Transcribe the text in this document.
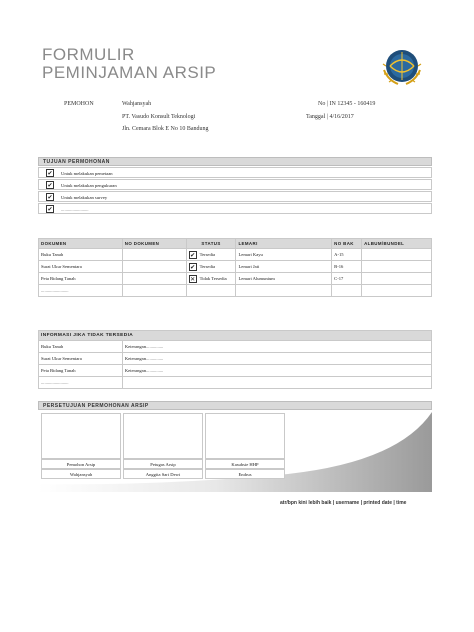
FORMULIR
PEMINJAMAN ARSIP
PEMOHON	Wahjansyah
PT. Vasudo Konsult Teknologi
Jln. Cemara Blok E No 10 Bandung
No | IN 12345 - 160419
Tanggal | 4/16/2017
TUJUAN PERMOHONAN
✔	Untuk melakukan pemetaan
✔	Untuk melakukan pengukuran
✔	Untuk melakukan survey
✔	........................
DOKUMEN	NO DOKUMEN	STATUS	LEMARI	NO BAK	ALBUM/BUNDEL
Buku Tanah		✔ Tersedia	Lemari Kayu	A-15	
Surat Ukur Sementara		✔ Tersedia	Lemari Jati	B-16	
Peta Bidang Tanah		✕ Tidak Tersedia	Lemari Alumunium	C-17	
........................					
INFORMASI JIKA TIDAK TERSEDIA	
Buku Tanah	Keterangan...............
Surat Ukur Sementara	Keterangan...............
Peta Bidang Tanah	Keterangan...............
........................	
PERSETUJUAN PERMOHONAN ARSIP
Pemohon Arsip	Petugas Arsip	Kasubsie HHP
Wahjansyah	Anggita Sari Dewi	Endrus
atr/bpn kini lebih baik | username | printed date | time
